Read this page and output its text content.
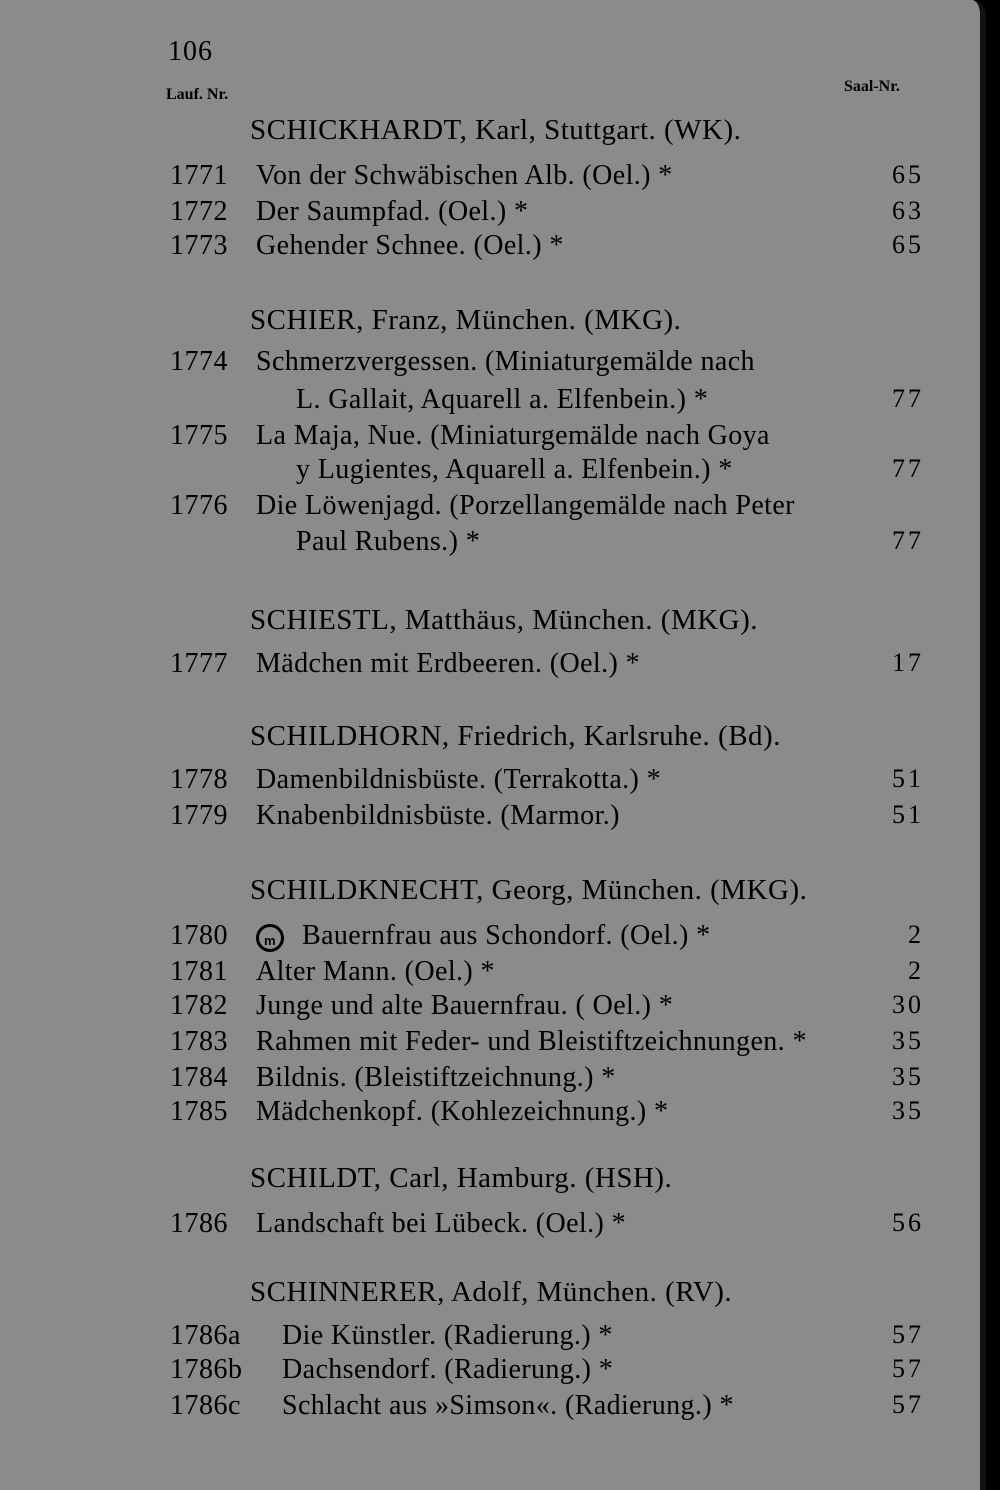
106
Lauf. Nr.	Saal-Nr.
SCHICKHARDT, Karl, Stuttgart. (WK).
1771 Von der Schwäbischen Alb. (Oel.) *	65
1772 Der Saumpfad. (Oel.) *	63
1773 Gehender Schnee. (Oel.) *	65
SCHIER, Franz, München. (MKG).
1774 Schmerzvergessen. (Miniaturgemälde nach
L. Gallait, Aquarell a. Elfenbein.) *	77
1775 La Maja, Nue. (Miniaturgemälde nach Goya
y Lugientes, Aquarell a. Elfenbein.) *	77
1776 Die Löwenjagd. (Porzellangemälde nach Peter
Paul Rubens.) *	77
SCHIESTL, Matthäus, München. (MKG).
1777 Mädchen mit Erdbeeren. (Oel.) *	17
SCHILDHORN, Friedrich, Karlsruhe. (Bd).
1778 Damenbildnisbüste. (Terrakotta.) *	51
1779 Knabenbildnisbüste. (Marmor.)	51
SCHILDKNECHT, Georg, München. (MKG).
1780	m Bauernfrau aus Schondorf. (Oel.) *	2
1781 Alter Mann. (Oel.) *	2
1782 Junge und alte Bauernfrau. ( Oel.) *	30
1783 Rahmen mit Feder- und Bleistiftzeichnungen. *	35
1784 Bildnis. (Bleistiftzeichnung.) *	35
1785 Mädchenkopf. (Kohlezeichnung.) *	35
SCHILDT, Carl, Hamburg. (HSH).
1786 Landschaft bei Lübeck. (Oel.) *	56
SCHINNERER, Adolf, München. (RV).
1786a Die Künstler. (Radierung.) *	57
1786b Dachsendorf. (Radierung.) *	57
1786c Schlacht aus »Simson«. (Radierung.) *	57
